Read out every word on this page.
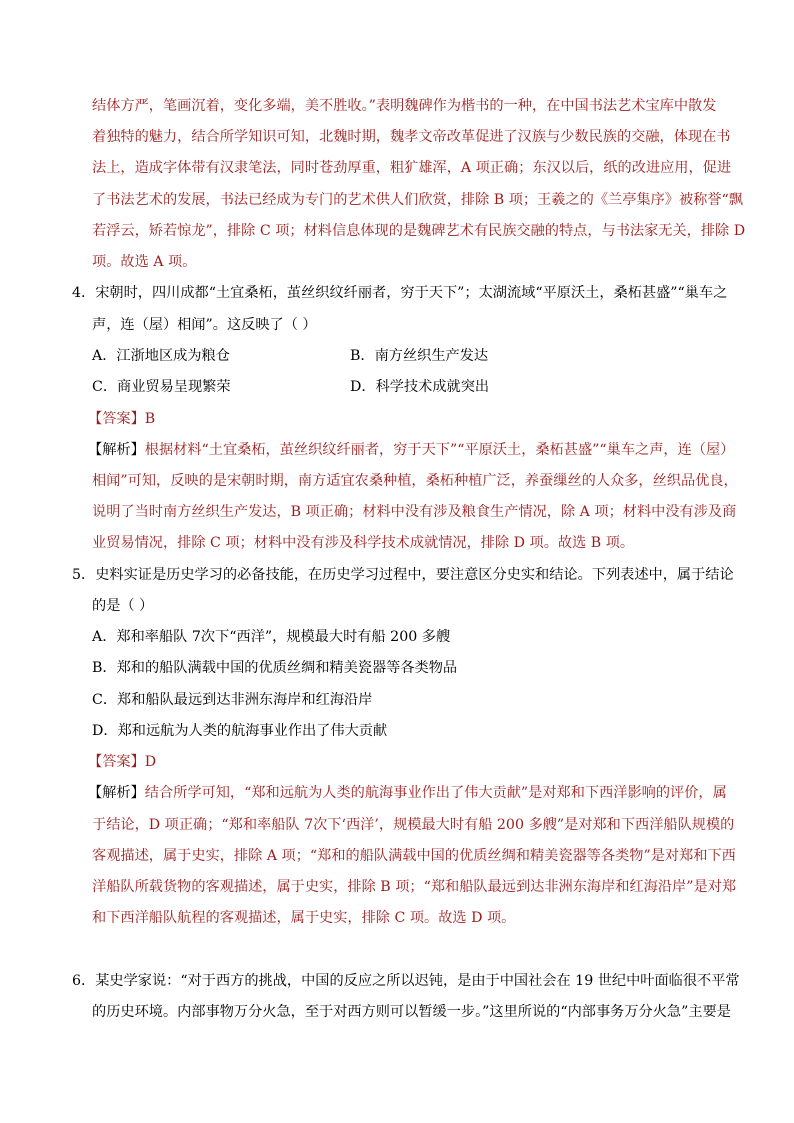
结体方严，笔画沉着，变化多端，美不胜收。”表明魏碑作为楷书的一种，在中国书法艺术宝库中散发
着独特的魅力，结合所学知识可知，北魏时期，魏孝文帝改革促进了汉族与少数民族的交融，体现在书
法上，造成字体带有汉隶笔法，同时苍劲厚重，粗犷雄浑，A 项正确；东汉以后，纸的改进应用，促进
了书法艺术的发展，书法已经成为专门的艺术供人们欣赏，排除 B 项；王羲之的《兰亭集序》被称誉“飘
若浮云，矫若惊龙”，排除 C 项；材料信息体现的是魏碑艺术有民族交融的特点，与书法家无关，排除 D
项。故选 A 项。
4．宋朝时，四川成都“土宜桑柘，茧丝织纹纤丽者，穷于天下”；太湖流域“平原沃土，桑柘甚盛”“巢车之
声，连（屋）相闻”。这反映了（ ）
A．江浙地区成为粮仓	B．南方丝织生产发达
C．商业贸易呈现繁荣	D．科学技术成就突出
【答案】B
【解析】根据材料“土宜桑柘，茧丝织纹纤丽者，穷于天下”“平原沃土，桑柘甚盛”“巢车之声，连（屋）
相闻”可知，反映的是宋朝时期，南方适宜农桑种植，桑柘种植广泛，养蚕缫丝的人众多，丝织品优良，
说明了当时南方丝织生产发达，B 项正确；材料中没有涉及粮食生产情况，除 A 项；材料中没有涉及商
业贸易情况，排除 C 项；材料中没有涉及科学技术成就情况，排除 D 项。故选 B 项。
5．史料实证是历史学习的必备技能，在历史学习过程中，要注意区分史实和结论。下列表述中，属于结论
的是（ ）
A．郑和率船队 7次下“西洋”，规模最大时有船 200 多艘
B．郑和的船队满载中国的优质丝绸和精美瓷器等各类物品
C．郑和船队最远到达非洲东海岸和红海沿岸
D．郑和远航为人类的航海事业作出了伟大贡献
【答案】D
【解析】结合所学可知，“郑和远航为人类的航海事业作出了伟大贡献”是对郑和下西洋影响的评价，属
于结论，D 项正确；“郑和率船队 7次下‘西洋’，规模最大时有船 200 多艘”是对郑和下西洋船队规模的
客观描述，属于史实，排除 A 项；“郑和的船队满载中国的优质丝绸和精美瓷器等各类物”是对郑和下西
洋船队所载货物的客观描述，属于史实，排除 B 项；“郑和船队最远到达非洲东海岸和红海沿岸”是对郑
和下西洋船队航程的客观描述，属于史实，排除 C 项。故选 D 项。
6．某史学家说：“对于西方的挑战，中国的反应之所以迟钝，是由于中国社会在 19 世纪中叶面临很不平常
的历史环境。内部事物万分火急，至于对西方则可以暂缓一步。”这里所说的“内部事务万分火急”主要是
